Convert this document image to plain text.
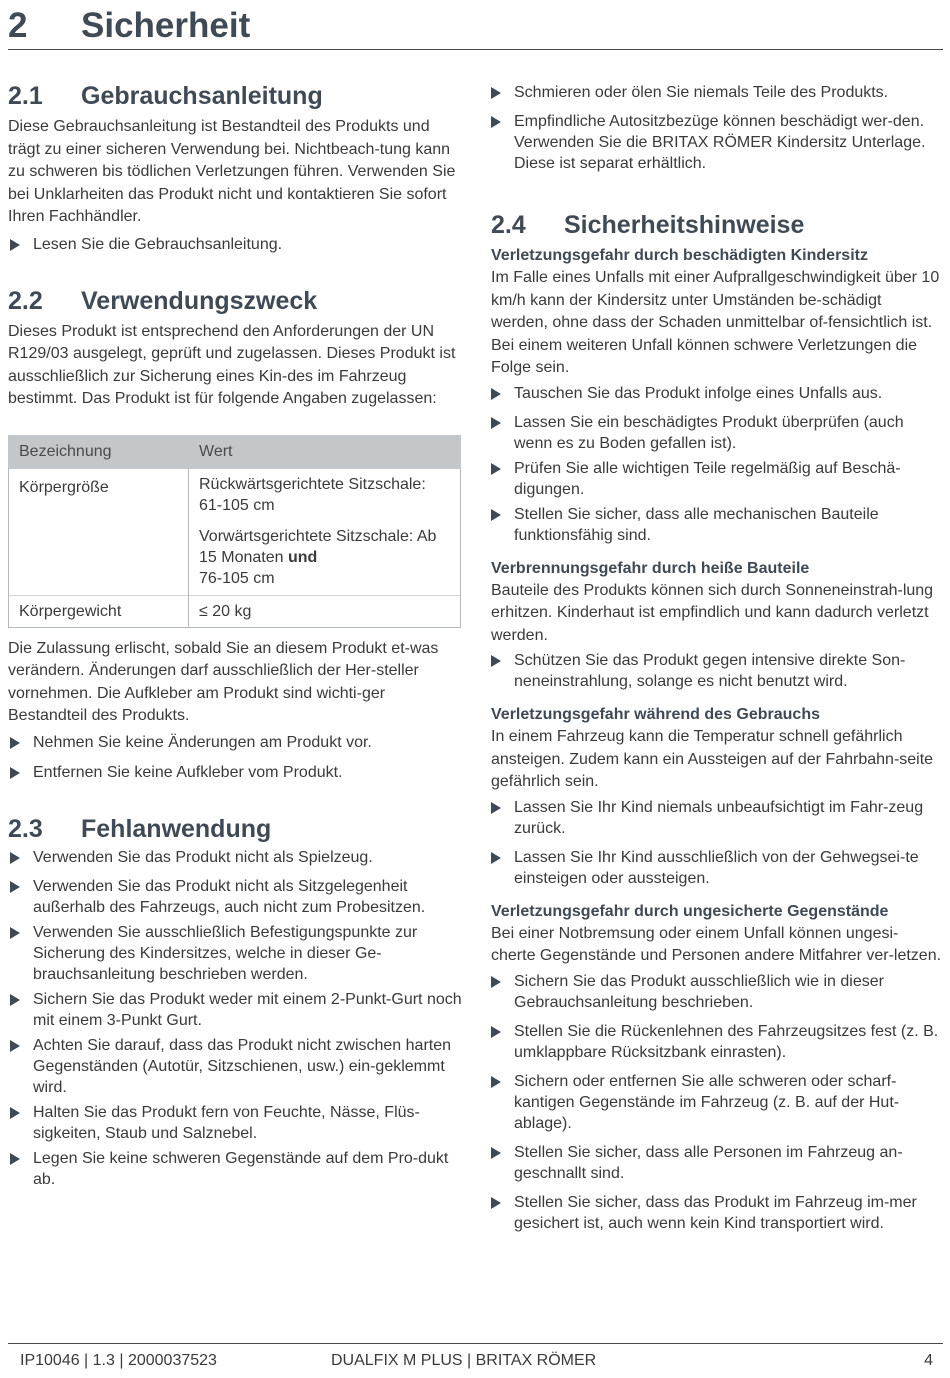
2 Sicherheit
2.1 Gebrauchsanleitung

Diese Gebrauchsanleitung ist Bestandteil des Produkts und trägt zu einer sicheren Verwendung bei. Nichtbeach-tung kann zu schweren bis tödlichen Verletzungen führen. Verwenden Sie bei Unklarheiten das Produkt nicht und kontaktieren Sie sofort Ihren Fachhändler.

Lesen Sie die Gebrauchsanleitung.
2.2 Verwendungszweck

Dieses Produkt ist entsprechend den Anforderungen der UN R129/03 ausgelegt, geprüft und zugelassen. Dieses Produkt ist ausschließlich zur Sicherung eines Kin-des im Fahrzeug bestimmt. Das Produkt ist für folgende Angaben zugelassen:

Bezeichnung	Wert
Körpergröße	Rückwärtsgerichtete Sitzschale: 61-105 cm
Vorwärtsgerichtete Sitzschale: Ab 15 Monaten und
76-105 cm

Körpergewicht	≤ 20 kg

Die Zulassung erlischt, sobald Sie an diesem Produkt et-was verändern. Änderungen darf ausschließlich der Her-steller vornehmen. Die Aufkleber am Produkt sind wichti-ger Bestandteil des Produkts.

Nehmen Sie keine Änderungen am Produkt vor.
Entfernen Sie keine Aufkleber vom Produkt.
2.3 Fehlanwendung
Verwenden Sie das Produkt nicht als Spielzeug.
Verwenden Sie das Produkt nicht als Sitzgelegenheit außerhalb des Fahrzeugs, auch nicht zum Probesitzen.
Verwenden Sie ausschließlich Befestigungspunkte zur Sicherung des Kindersitzes, welche in dieser Ge-brauchsanleitung beschrieben werden.
Sichern Sie das Produkt weder mit einem 2-Punkt-Gurt noch mit einem 3-Punkt Gurt.
Achten Sie darauf, dass das Produkt nicht zwischen harten Gegenständen (Autotür, Sitzschienen, usw.) ein-geklemmt wird.
Halten Sie das Produkt fern von Feuchte, Nässe, Flüs-sigkeiten, Staub und Salznebel.
Legen Sie keine schweren Gegenstände auf dem Pro-dukt ab.
Schmieren oder ölen Sie niemals Teile des Produkts.
Empfindliche Autositzbezüge können beschädigt wer-den. Verwenden Sie die BRITAX RÖMER Kindersitz Unterlage. Diese ist separat erhältlich.
2.4 Sicherheitshinweise
Verletzungsgefahr durch beschädigten Kindersitz

Im Falle eines Unfalls mit einer Aufprallgeschwindigkeit über 10 km/h kann der Kindersitz unter Umständen be-schädigt werden, ohne dass der Schaden unmittelbar of-fensichtlich ist. Bei einem weiteren Unfall können schwere Verletzungen die Folge sein.

Tauschen Sie das Produkt infolge eines Unfalls aus.
Lassen Sie ein beschädigtes Produkt überprüfen (auch wenn es zu Boden gefallen ist).
Prüfen Sie alle wichtigen Teile regelmäßig auf Beschä-digungen.
Stellen Sie sicher, dass alle mechanischen Bauteile funktionsfähig sind.
Verbrennungsgefahr durch heiße Bauteile

Bauteile des Produkts können sich durch Sonneneinstrah-lung erhitzen. Kinderhaut ist empfindlich und kann dadurch verletzt werden.

Schützen Sie das Produkt gegen intensive direkte Son-neneinstrahlung, solange es nicht benutzt wird.
Verletzungsgefahr während des Gebrauchs

In einem Fahrzeug kann die Temperatur schnell gefährlich ansteigen. Zudem kann ein Aussteigen auf der Fahrbahn-seite gefährlich sein.

Lassen Sie Ihr Kind niemals unbeaufsichtigt im Fahr-zeug zurück.
Lassen Sie Ihr Kind ausschließlich von der Gehwegsei-te einsteigen oder aussteigen.
Verletzungsgefahr durch ungesicherte Gegenstände

Bei einer Notbremsung oder einem Unfall können ungesi-cherte Gegenstände und Personen andere Mitfahrer ver-letzen.

Sichern Sie das Produkt ausschließlich wie in dieser Gebrauchsanleitung beschrieben.
Stellen Sie die Rückenlehnen des Fahrzeugsitzes fest (z. B. umklappbare Rücksitzbank einrasten).
Sichern oder entfernen Sie alle schweren oder scharf-kantigen Gegenstände im Fahrzeug (z. B. auf der Hut-ablage).
Stellen Sie sicher, dass alle Personen im Fahrzeug an-geschnallt sind.
Stellen Sie sicher, dass das Produkt im Fahrzeug im-mer gesichert ist, auch wenn kein Kind transportiert wird.
IP10046 | 1.3 | 2000037523	DUALFIX M PLUS | BRITAX RÖMER	4
